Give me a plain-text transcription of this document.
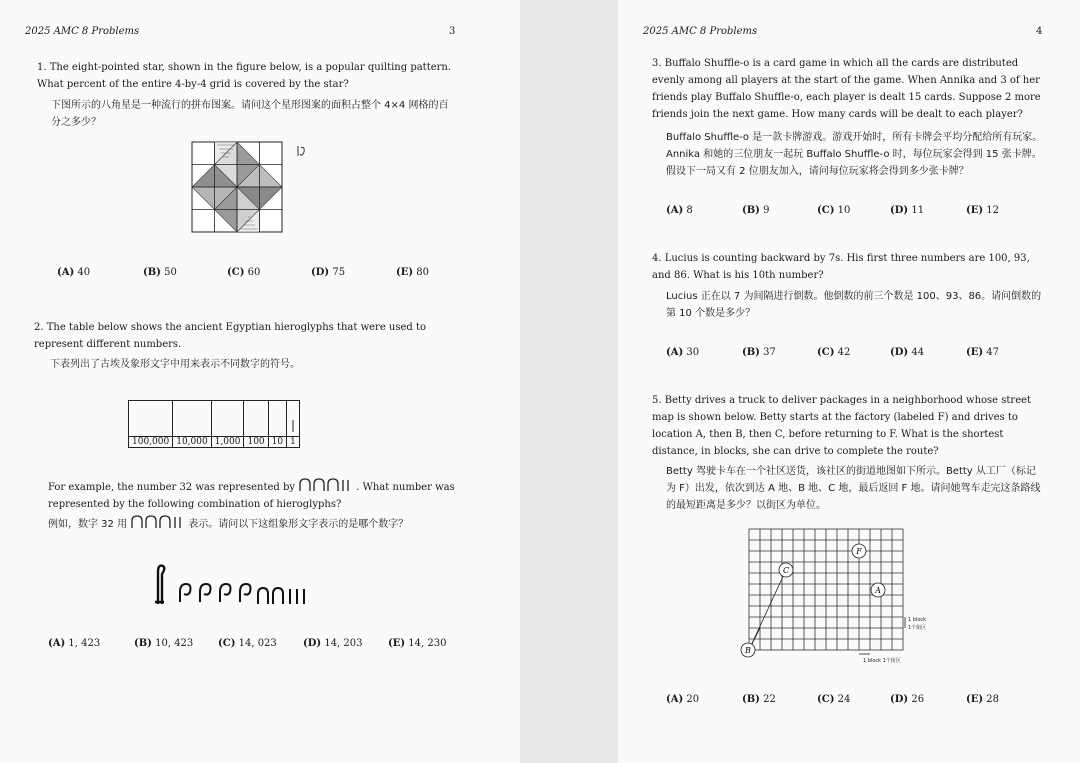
2025 AMC 8 Problems	3

1. The eight-pointed star, shown in the figure below, is a popular quilting pattern. What percent of the entire 4-by-4 grid is covered by the star?

下图所示的八角星是一种流行的拼布图案。请问这个星形图案的面积占整个 4×4 网格的百分之多少？

(A) 40	(B) 50	(C) 60	(D) 75	(E) 80

2. The table below shows the ancient Egyptian hieroglyphs that were used to represent different numbers.

下表列出了古埃及象形文字中用来表示不同数字的符号。

100,000	10,000	1,000	100	10	1
For example, the number 32 was represented by	. What number was represented by the following combination of hieroglyphs?
例如，数字 32 用	表示。请问以下这组象形文字表示的是哪个数字？
(A) 1, 423	(B) 10, 423 (C) 14, 023	(D) 14, 203	(E) 14, 230
2025 AMC 8 Problems	4

3. Buffalo Shuffle-o is a card game in which all the cards are distributed evenly among all players at the start of the game. When Annika and 3 of her friends play Buffalo Shuffle-o, each player is dealt 15 cards. Suppose 2 more friends join the next game. How many cards will be dealt to each player?

Buffalo Shuffle-o 是一款卡牌游戏。游戏开始时，所有卡牌会平均分配给所有玩家。Annika 和她的三位朋友一起玩 Buffalo Shuffle-o 时，每位玩家会得到 15 张卡牌。假设下一局又有 2 位朋友加入，请问每位玩家将会得到多少张卡牌？

(A) 8	(B) 9	(C) 10	(D) 11	(E) 12

4. Lucius is counting backward by 7s. His first three numbers are 100, 93, and 86. What is his 10th number?

Lucius 正在以 7 为间隔进行倒数。他倒数的前三个数是 100、93、86。请问倒数的第 10 个数是多少？

(A) 30	(B) 37	(C) 42	(D) 44	(E) 47

5. Betty drives a truck to deliver packages in a neighborhood whose street map is shown below. Betty starts at the factory (labeled F) and drives to location A, then B, then C, before returning to F. What is the shortest distance, in blocks, she can drive to complete the route?

Betty 驾驶卡车在一个社区送货，该社区的街道地图如下所示。Betty 从工厂（标记为 F）出发，依次到达 A 地、B 地、C 地，最后返回 F 地。请问她驾车走完这条路线的最短距离是多少？以街区为单位。

F
C
A
B
1 block
1个街区
1 block 1个街区
(A) 20	(B) 22	(C) 24	(D) 26	(E) 28
